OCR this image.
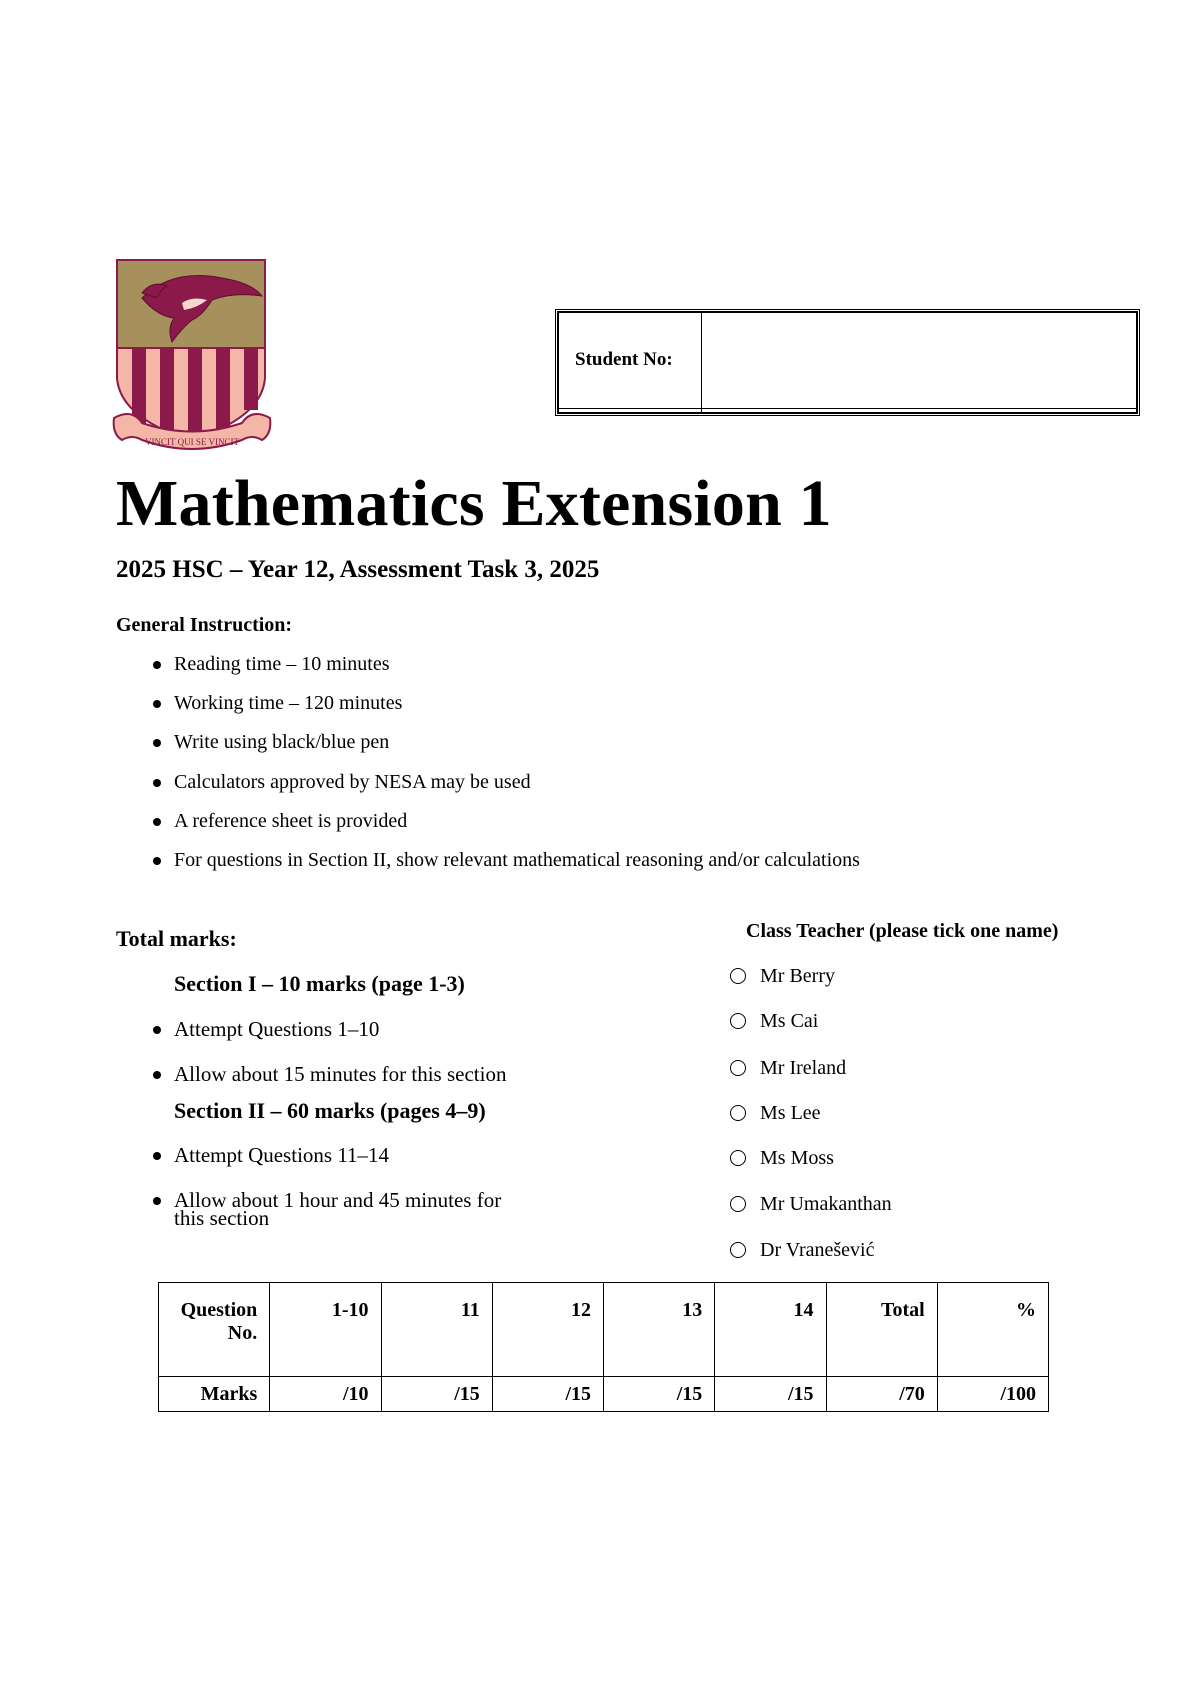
VINCIT QUI SE VINCIT
Student No:	

Mathematics Extension 1
2025 HSC – Year 12, Assessment Task 3, 2025
General Instruction:
Reading time – 10 minutes
Working time – 120 minutes
Write using black/blue pen
Calculators approved by NESA may be used
A reference sheet is provided
For questions in Section II, show relevant mathematical reasoning and/or calculations
Total marks:
Section I – 10 marks (page 1-3)
Attempt Questions 1–10
Allow about 15 minutes for this section
Section II – 60 marks (pages 4–9)
Attempt Questions 11–14
Allow about 1 hour and 45 minutes for
this section
Class Teacher (please tick one name)
Mr Berry
Ms Cai
Mr Ireland
Ms Lee
Ms Moss
Mr Umakanthan
Dr Vranešević
Question No.	1-10	11	12	13	14	Total	%
Marks	/10	/15	/15	/15	/15	/70	/100
